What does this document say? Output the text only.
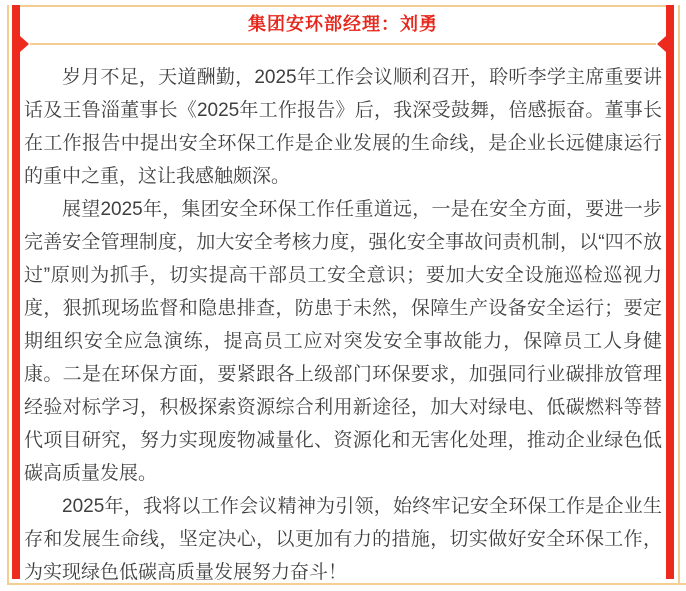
集团安环部经理：刘勇

岁月不足，天道酬勤，2025年工作会议顺利召开，聆听李学主席重要讲话及王鲁淄董事长《2025年工作报告》后，我深受鼓舞，倍感振奋。董事长在工作报告中提出安全环保工作是企业发展的生命线，是企业长远健康运行的重中之重，这让我感触颇深。

展望2025年，集团安全环保工作任重道远，一是在安全方面，要进一步完善安全管理制度，加大安全考核力度，强化安全事故问责机制，以“四不放过”原则为抓手，切实提高干部员工安全意识；要加大安全设施巡检巡视力度，狠抓现场监督和隐患排查，防患于未然，保障生产设备安全运行；要定期组织安全应急演练，提高员工应对突发安全事故能力，保障员工人身健康。二是在环保方面，要紧跟各上级部门环保要求，加强同行业碳排放管理经验对标学习，积极探索资源综合利用新途径，加大对绿电、低碳燃料等替代项目研究，努力实现废物减量化、资源化和无害化处理，推动企业绿色低碳高质量发展。

2025年，我将以工作会议精神为引领，始终牢记安全环保工作是企业生存和发展生命线，坚定决心，以更加有力的措施，切实做好安全环保工作，为实现绿色低碳高质量发展努力奋斗！
